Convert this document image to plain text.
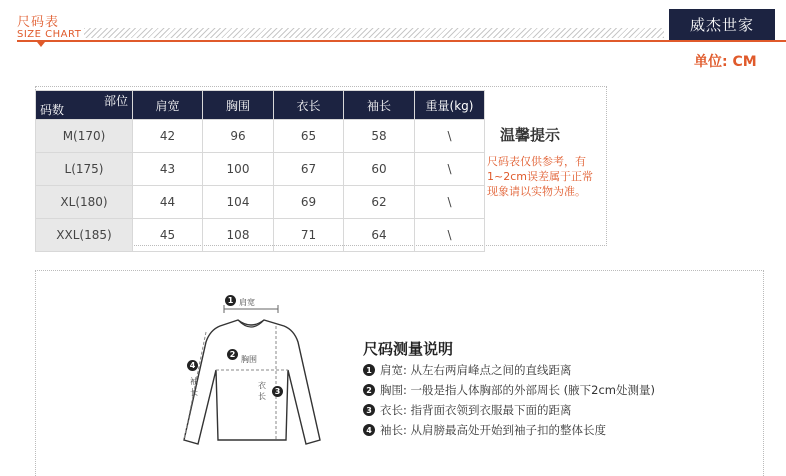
尺码表
SIZE CHART
威杰世家
单位: CM
部位
码数	肩宽	胸围	衣长	袖长	重量(kg)
M(170)	42	96	65	58	\
L(175)	43	100	67	60	\
XL(180)	44	104	69	62	\
XXL(185)	45	108	71	64	\
温馨提示
尺码表仅供参考，有1~2cm误差属于正常现象请以实物为准。
1 肩宽
2
胸围
3
衣长
4
袖长
尺码测量说明
1 肩宽: 从左右两肩峰点之间的直线距离
2 胸围: 一般是指人体胸部的外部周长 (腋下2cm处测量)
3 衣长: 指背面衣领到衣服最下面的距离
4 袖长: 从肩膀最高处开始到袖子扣的整体长度
